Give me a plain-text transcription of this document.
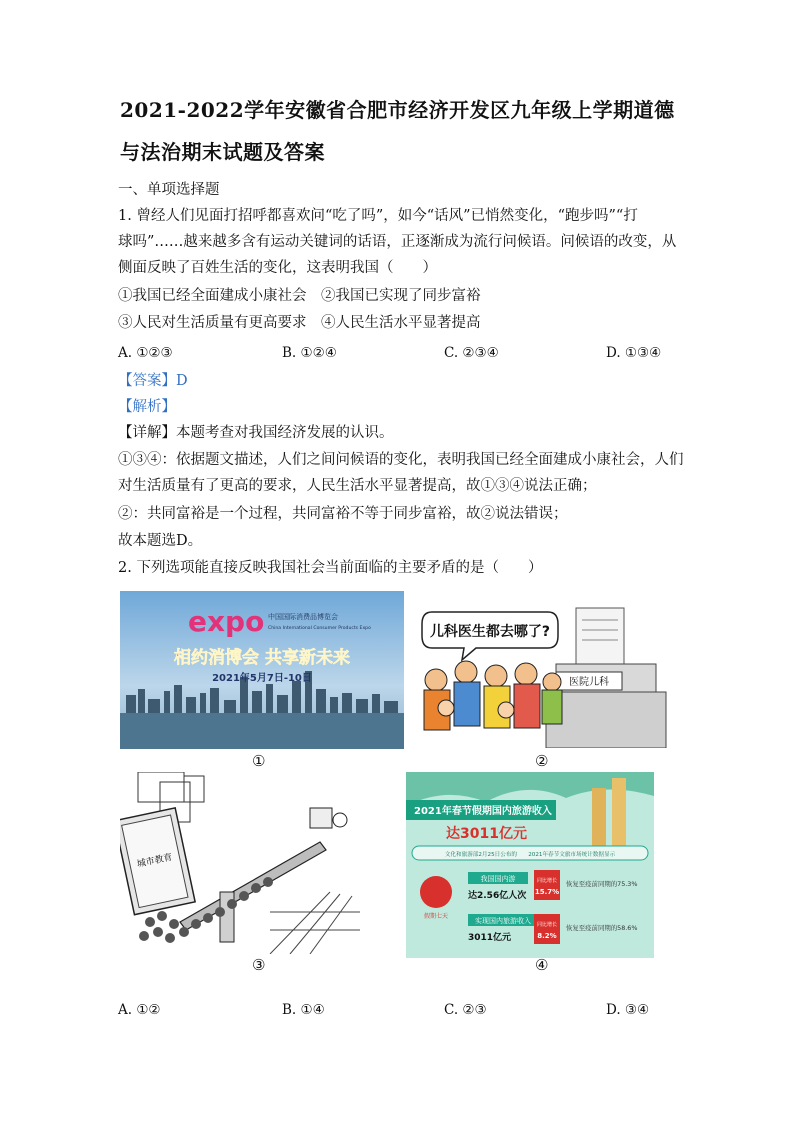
2021-2022学年安徽省合肥市经济开发区九年级上学期道德
与法治期末试题及答案
一、单项选择题
1. 曾经人们见面打招呼都喜欢问“吃了吗”，如今“话风”已悄然变化，“跑步吗”“打
球吗”……越来越多含有运动关键词的话语，正逐渐成为流行问候语。问候语的改变，从
侧面反映了百姓生活的变化，这表明我国（　　）
①我国已经全面建成小康社会　②我国已实现了同步富裕
③人民对生活质量有更高要求　④人民生活水平显著提高
A. ①②③	B. ①②④	C. ②③④	D. ①③④
【答案】D
【解析】
【详解】本题考查对我国经济发展的认识。
①③④：依据题文描述，人们之间问候语的变化，表明我国已经全面建成小康社会，人们
对生活质量有了更高的要求，人民生活水平显著提高，故①③④说法正确；
②：共同富裕是一个过程，共同富裕不等于同步富裕，故②说法错误；
故本题选D。
2. 下列选项能直接反映我国社会当前面临的主要矛盾的是（　　）
expo 中国国际消费品博览会
China International Consumer Products Expo
相约消博会 共享新未来
2021年5月7日-10日
①
儿科医生都去哪了?
医院儿科
②
城市教育
③
2021年春节假期国内旅游收入
达3011亿元
文化和旅游部2月25日公布的　　2021年春节文旅市场统计数据显示
假期七天
我国国内游
达2.56亿人次
同比增长
15.7%
恢复至疫前同期的75.3%
实现国内旅游收入
3011亿元
同比增长
8.2%
恢复至疫前同期的58.6%
④
A. ①②	B. ①④	C. ②③	D. ③④
